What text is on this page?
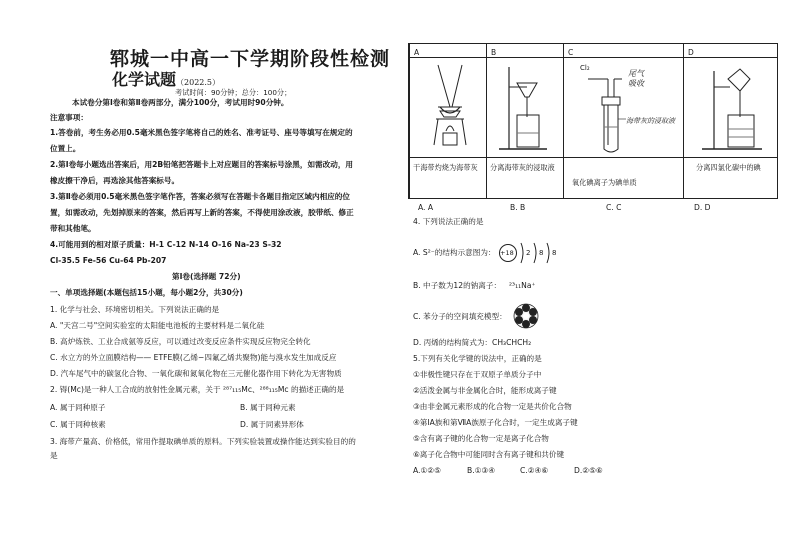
郓城一中高一下学期阶段性检测
化学试题（2022.5）
考试时间：90分钟；总分：100分；
本试卷分第Ⅰ卷和第Ⅱ卷两部分，满分100分，考试用时90分钟。
注意事项：
1.答卷前，考生务必用0.5毫米黑色签字笔将自己的姓名、准考证号、座号等填写在规定的
位置上。
2.第Ⅰ卷每小题选出答案后，用2B铅笔把答题卡上对应题目的答案标号涂黑，如需改动，用
橡皮擦干净后，再选涂其他答案标号。
3.第Ⅱ卷必须用0.5毫米黑色签字笔作答，答案必须写在答题卡各题目指定区域内相应的位
置，如需改动，先划掉原来的答案，然后再写上新的答案，不得使用涂改液，胶带纸、修正
带和其他笔。
4.可能用到的相对原子质量：H-1 C-12 N-14 O-16 Na-23 S-32
Cl-35.5 Fe-56 Cu-64 Pb-207
第Ⅰ卷(选择题 72分)
一、单项选择题(本题包括15小题，每小题2分，共30分)
1. 化学与社会、环境密切相关。下列说法正确的是
A. "天宫二号"空间实验室的太阳能电池板的主要材料是二氧化硅
B. 高炉炼铁、工业合成氨等反应，可以通过改变反应条件实现反应物完全转化
C. 水立方的外立面膜结构—— ETFE膜(乙烯−四氟乙烯共聚物)能与溴水发生加成反应
D. 汽车尾气中的碳氢化合物、一氧化碳和氮氧化物在三元催化器作用下转化为无害物质
2. 锝(Mc)是一种人工合成的放射性金属元素，关于 ²⁸⁷₁₁₅Mc、²⁸⁸₁₁₅Mc 的描述正确的是
A. 属于同种原子	B. 属于同种元素
C. 属于同种核素	D. 属于同素异形体
3. 海带产量高、价格低，常用作提取碘单质的原料。下列实验装置或操作能达到实验目的的
是
A
干海带灼烧为海带灰
B
分离海带灰的浸取液
C
Cl₂
尾气
吸收
海带灰的浸取液
氧化碘离子为碘单质
D
分离四氯化碳中的碘
A. A	B. B	C. C	D. D
4. 下列说法正确的是
A. S²⁻的结构示意图为： +18 2 8 8
B. 中子数为12的钠离子： ²³₁₁Na⁺
C. 苯分子的空间填充模型：
D. 丙烯的结构简式为：CH₃CHCH₂
5.下列有关化学键的说法中，正确的是
①非极性键只存在于双原子单质分子中
②活泼金属与非金属化合时，能形成离子键
③由非金属元素形成的化合物一定是共价化合物
④第ⅠA族和第ⅦA族原子化合时，一定生成离子键
⑤含有离子键的化合物一定是离子化合物
⑥离子化合物中可能同时含有离子键和共价键
A.①②⑤	B.①③④	C.②④⑥	D.②⑤⑥
